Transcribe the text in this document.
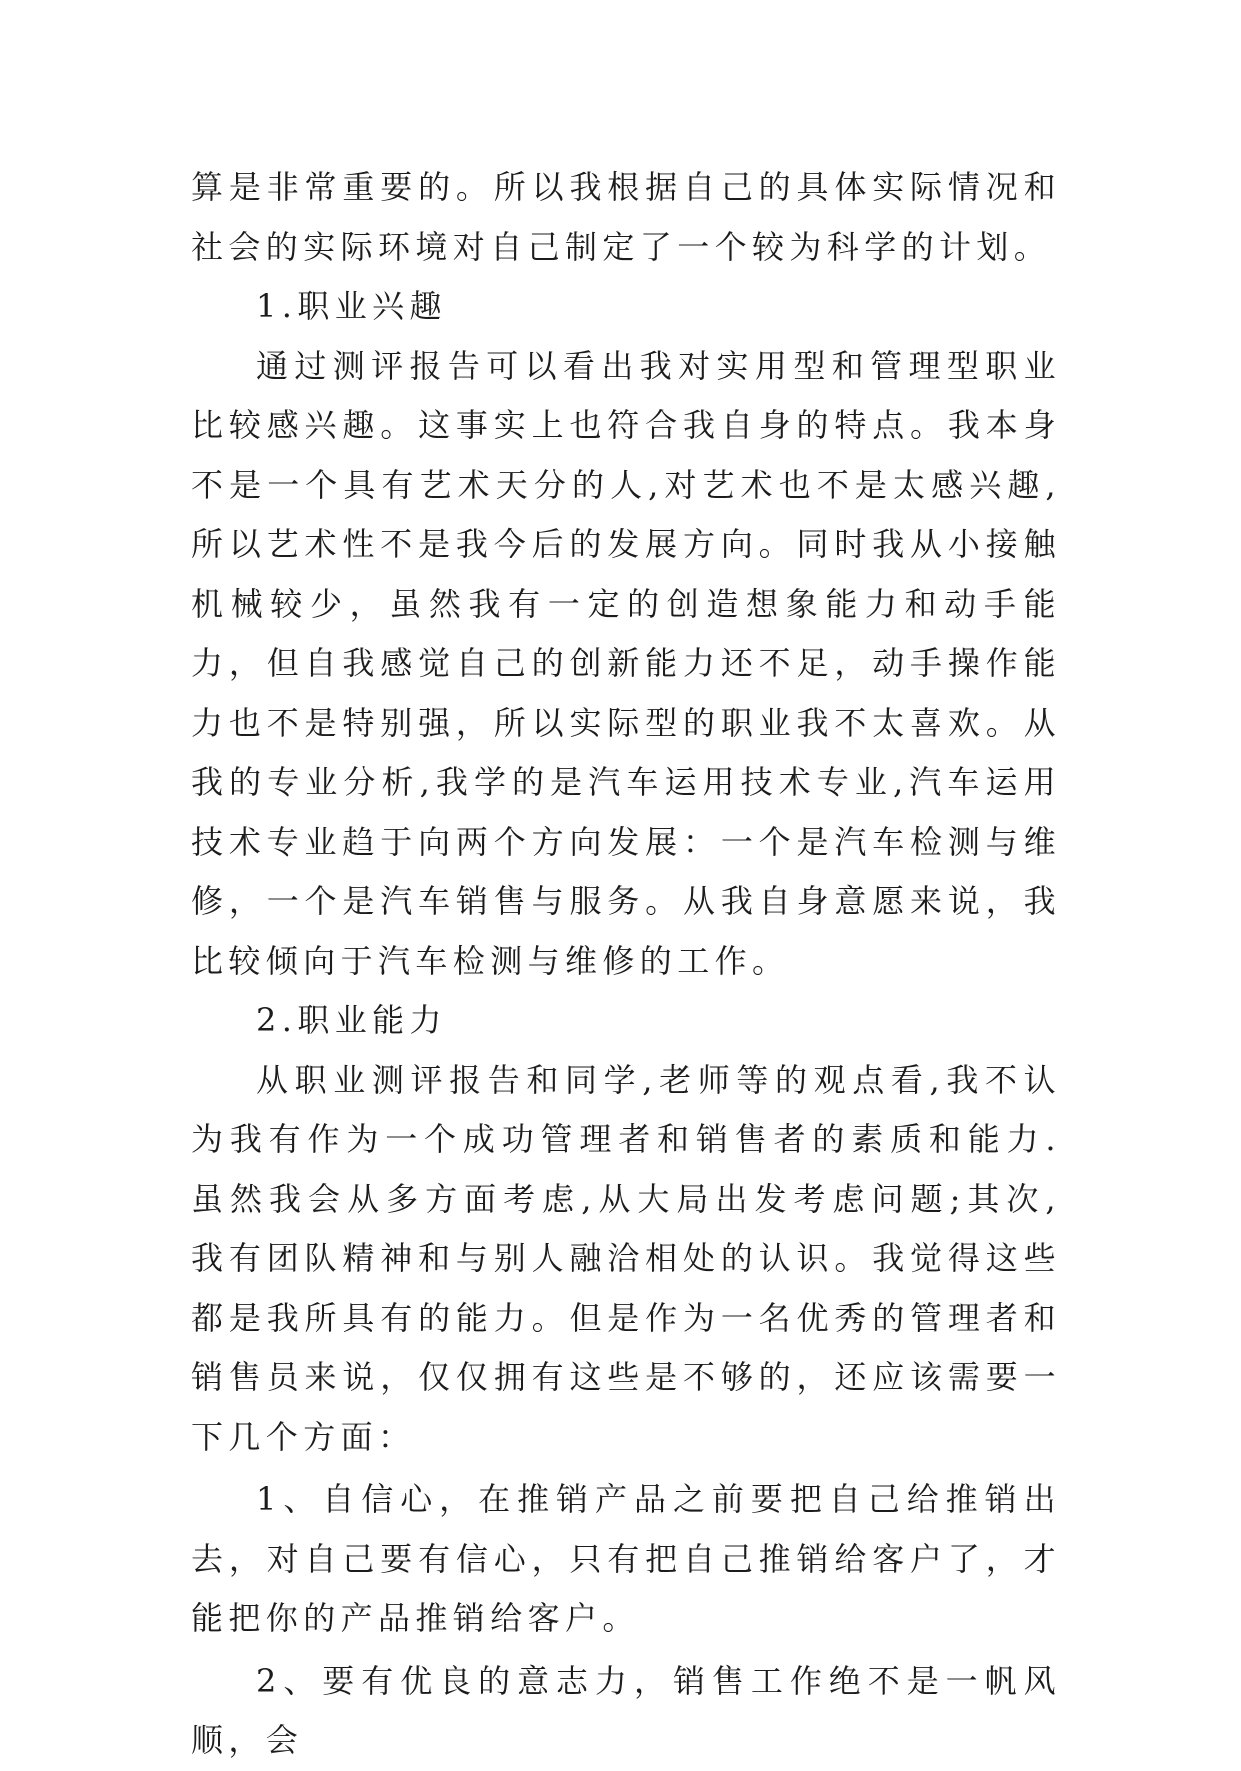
算是非常重要的。所以我根据自己的具体实际情况和社会的实际环境对自己制定了一个较为科学的计划。

1.职业兴趣

通过测评报告可以看出我对实用型和管理型职业比较感兴趣。这事实上也符合我自身的特点。我本身不是一个具有艺术天分的人,对艺术也不是太感兴趣,所以艺术性不是我今后的发展方向。同时我从小接触机械较少，虽然我有一定的创造想象能力和动手能力，但自我感觉自己的创新能力还不足，动手操作能力也不是特别强，所以实际型的职业我不太喜欢。从我的专业分析,我学的是汽车运用技术专业,汽车运用技术专业趋于向两个方向发展：一个是汽车检测与维修，一个是汽车销售与服务。从我自身意愿来说，我比较倾向于汽车检测与维修的工作。

2.职业能力

从职业测评报告和同学,老师等的观点看,我不认为我有作为一个成功管理者和销售者的素质和能力.虽然我会从多方面考虑,从大局出发考虑问题;其次,我有团队精神和与别人融洽相处的认识。我觉得这些都是我所具有的能力。但是作为一名优秀的管理者和销售员来说，仅仅拥有这些是不够的，还应该需要一下几个方面：

1、自信心，在推销产品之前要把自己给推销出去，对自己要有信心，只有把自己推销给客户了，才能把你的产品推销给客户。

2、要有优良的意志力，销售工作绝不是一帆风顺，会
